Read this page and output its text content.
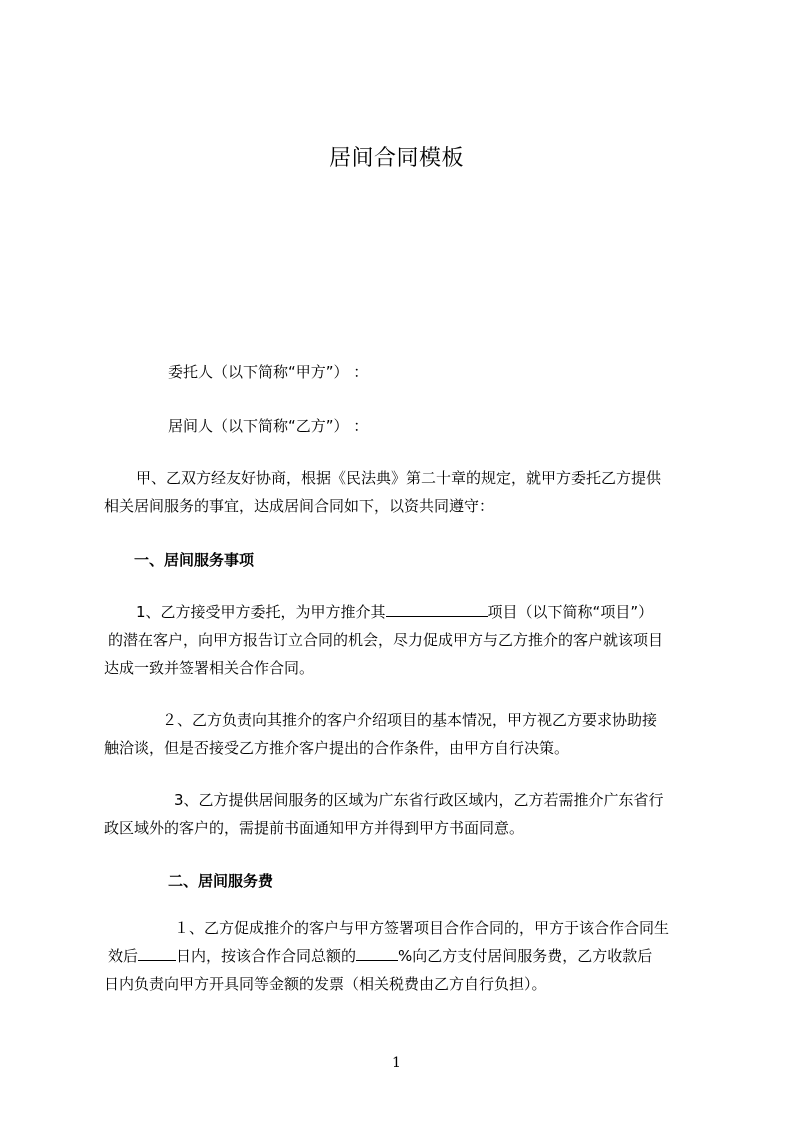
居间合同模板
委托人（以下简称“甲方”） ：
居间人（以下简称“乙方”） ：
甲、乙双方经友好协商，根据《民法典》第二十章的规定，就甲方委托乙方提供
相关居间服务的事宜，达成居间合同如下，以资共同遵守：
一、居间服务事项
1、乙方接受甲方委托，为甲方推介其	项目（以下简称“项目”）
的潜在客户，向甲方报告订立合同的机会，尽力促成甲方与乙方推介的客户就该项目
达成一致并签署相关合作合同。
２、乙方负责向其推介的客户介绍项目的基本情况，甲方视乙方要求协助接
触洽谈，但是否接受乙方推介客户提出的合作条件，由甲方自行决策。
3、乙方提供居间服务的区域为广东省行政区域内，乙方若需推介广东省行
政区域外的客户的，需提前书面通知甲方并得到甲方书面同意。
二、居间服务费
１、乙方促成推介的客户与甲方签署项目合作合同的，甲方于该合作合同生
效后	日内，按该合作合同总额的	%向乙方支付居间服务费，乙方收款后
日内负责向甲方开具同等金额的发票（相关税费由乙方自行负担）。
1
